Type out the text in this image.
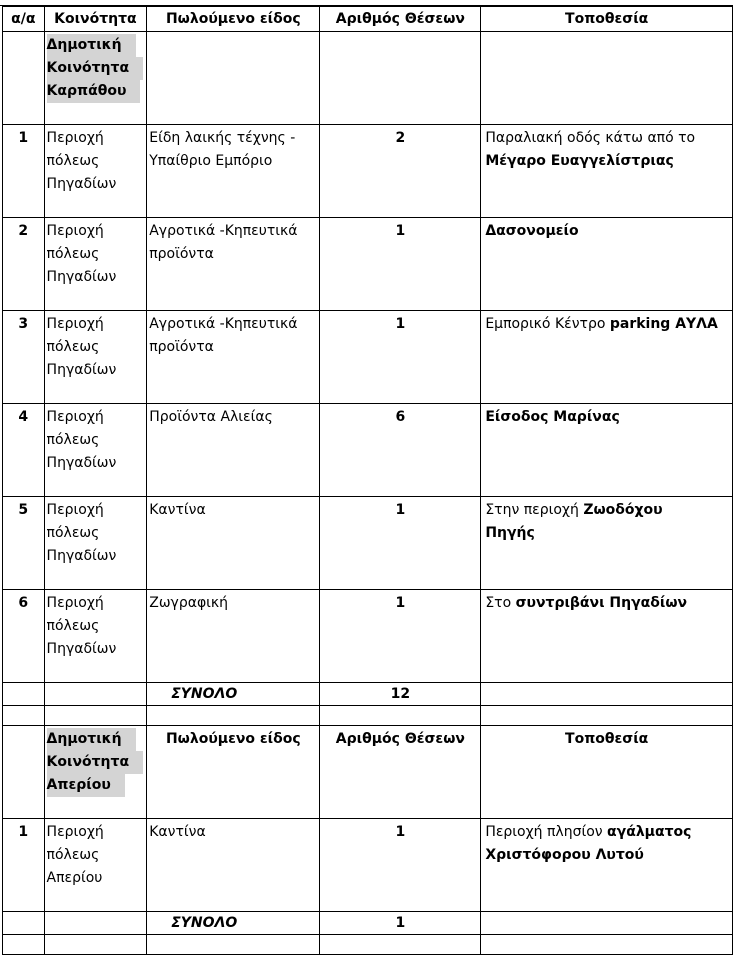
α/α	Κοινότητα	Πωλούμενο είδος	Αριθμός Θέσεων	Τοποθεσία
	Δημοτική
Κοινότητα
Καρπάθου			
1	Περιοχή
πόλεως
Πηγαδίων	Είδη λαικής τέχνης -
Υπαίθριο Εμπόριο	2	Παραλιακή οδός κάτω από το
Μέγαρο Ευαγγελίστριας
2	Περιοχή
πόλεως
Πηγαδίων	Αγροτικά -Κηπευτικά
προϊόντα	1	Δασονομείο
3	Περιοχή
πόλεως
Πηγαδίων	Αγροτικά -Κηπευτικά
προϊόντα	1	Εμπορικό Κέντρο parking ΑΥΛΑ
4	Περιοχή
πόλεως
Πηγαδίων	Προϊόντα Αλιείας	6	Είσοδος Μαρίνας
5	Περιοχή
πόλεως
Πηγαδίων	Καντίνα	1	Στην περιοχή Ζωοδόχου
Πηγής
6	Περιοχή
πόλεως
Πηγαδίων	Ζωγραφική	1	Στο συντριβάνι Πηγαδίων
		ΣΥΝΟΛΟ	12	

	Δημοτική
Κοινότητα
Απερίου	Πωλούμενο είδος	Αριθμός Θέσεων	Τοποθεσία
1	Περιοχή
πόλεως
Απερίου	Καντίνα	1	Περιοχή πλησίον αγάλματος
Χριστόφορου Λυτού
		ΣΥΝΟΛΟ	1	
